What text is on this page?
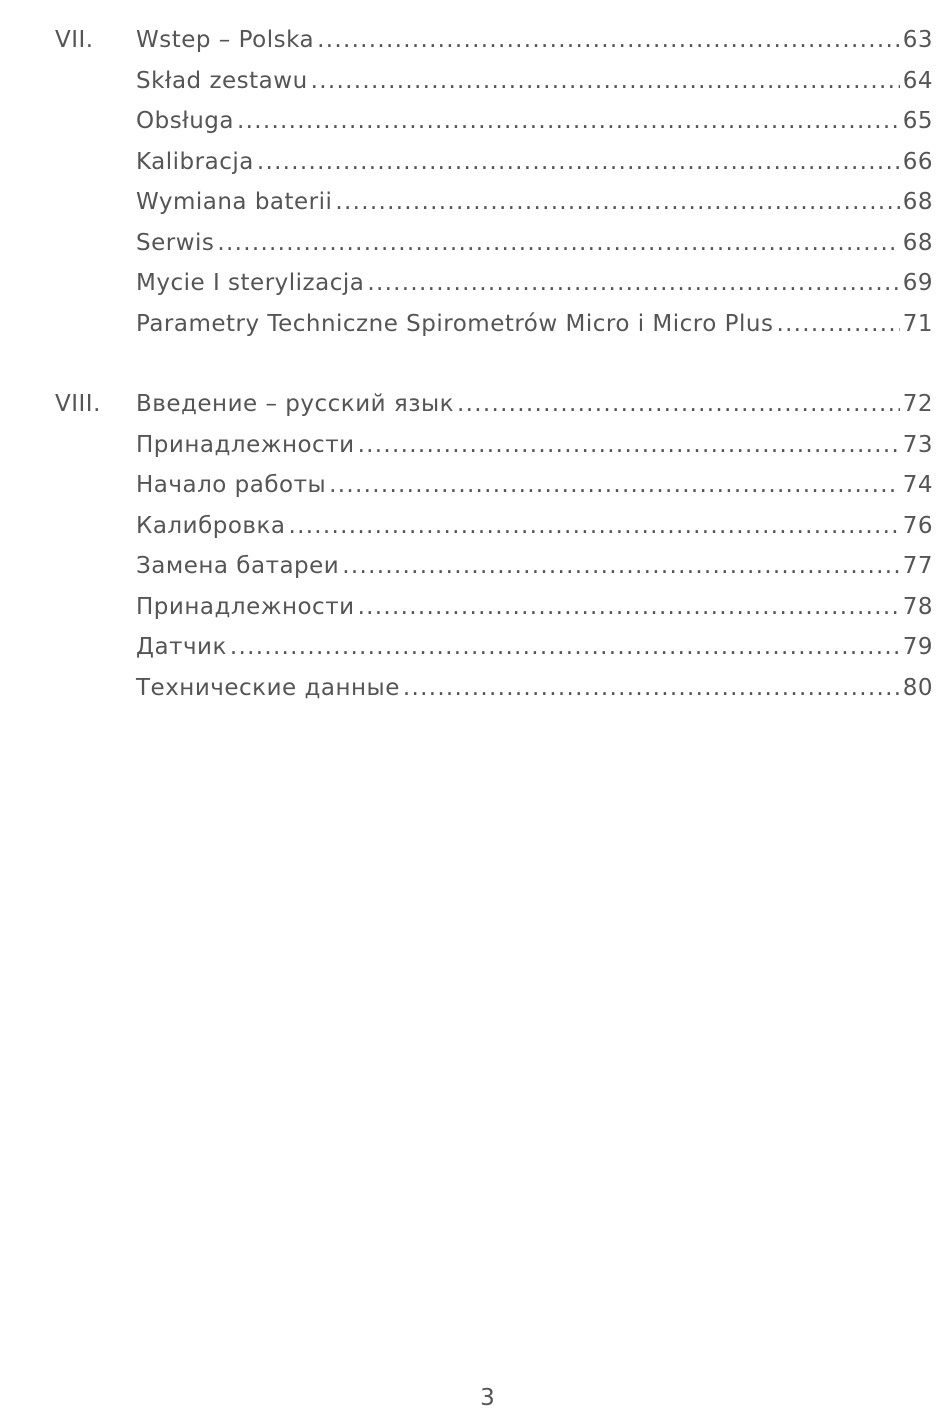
VII. Wstep – Polska .....	63
Skład zestawu .....	64
Obsługa .....	65
Kalibracja .....	66
Wymiana baterii .....	68
Serwis .....	68
Mycie I sterylizacja .....	69
Parametry Techniczne Spirometrów Micro i Micro Plus .....	71
VIII. Введение – русский язык .....	72
Принадлежности .....	73
Начало работы .....	74
Калибровка .....	76
Замена батареи .....	77
Принадлежности .....	78
Датчик .....	79
Технические данные .....	80
3
